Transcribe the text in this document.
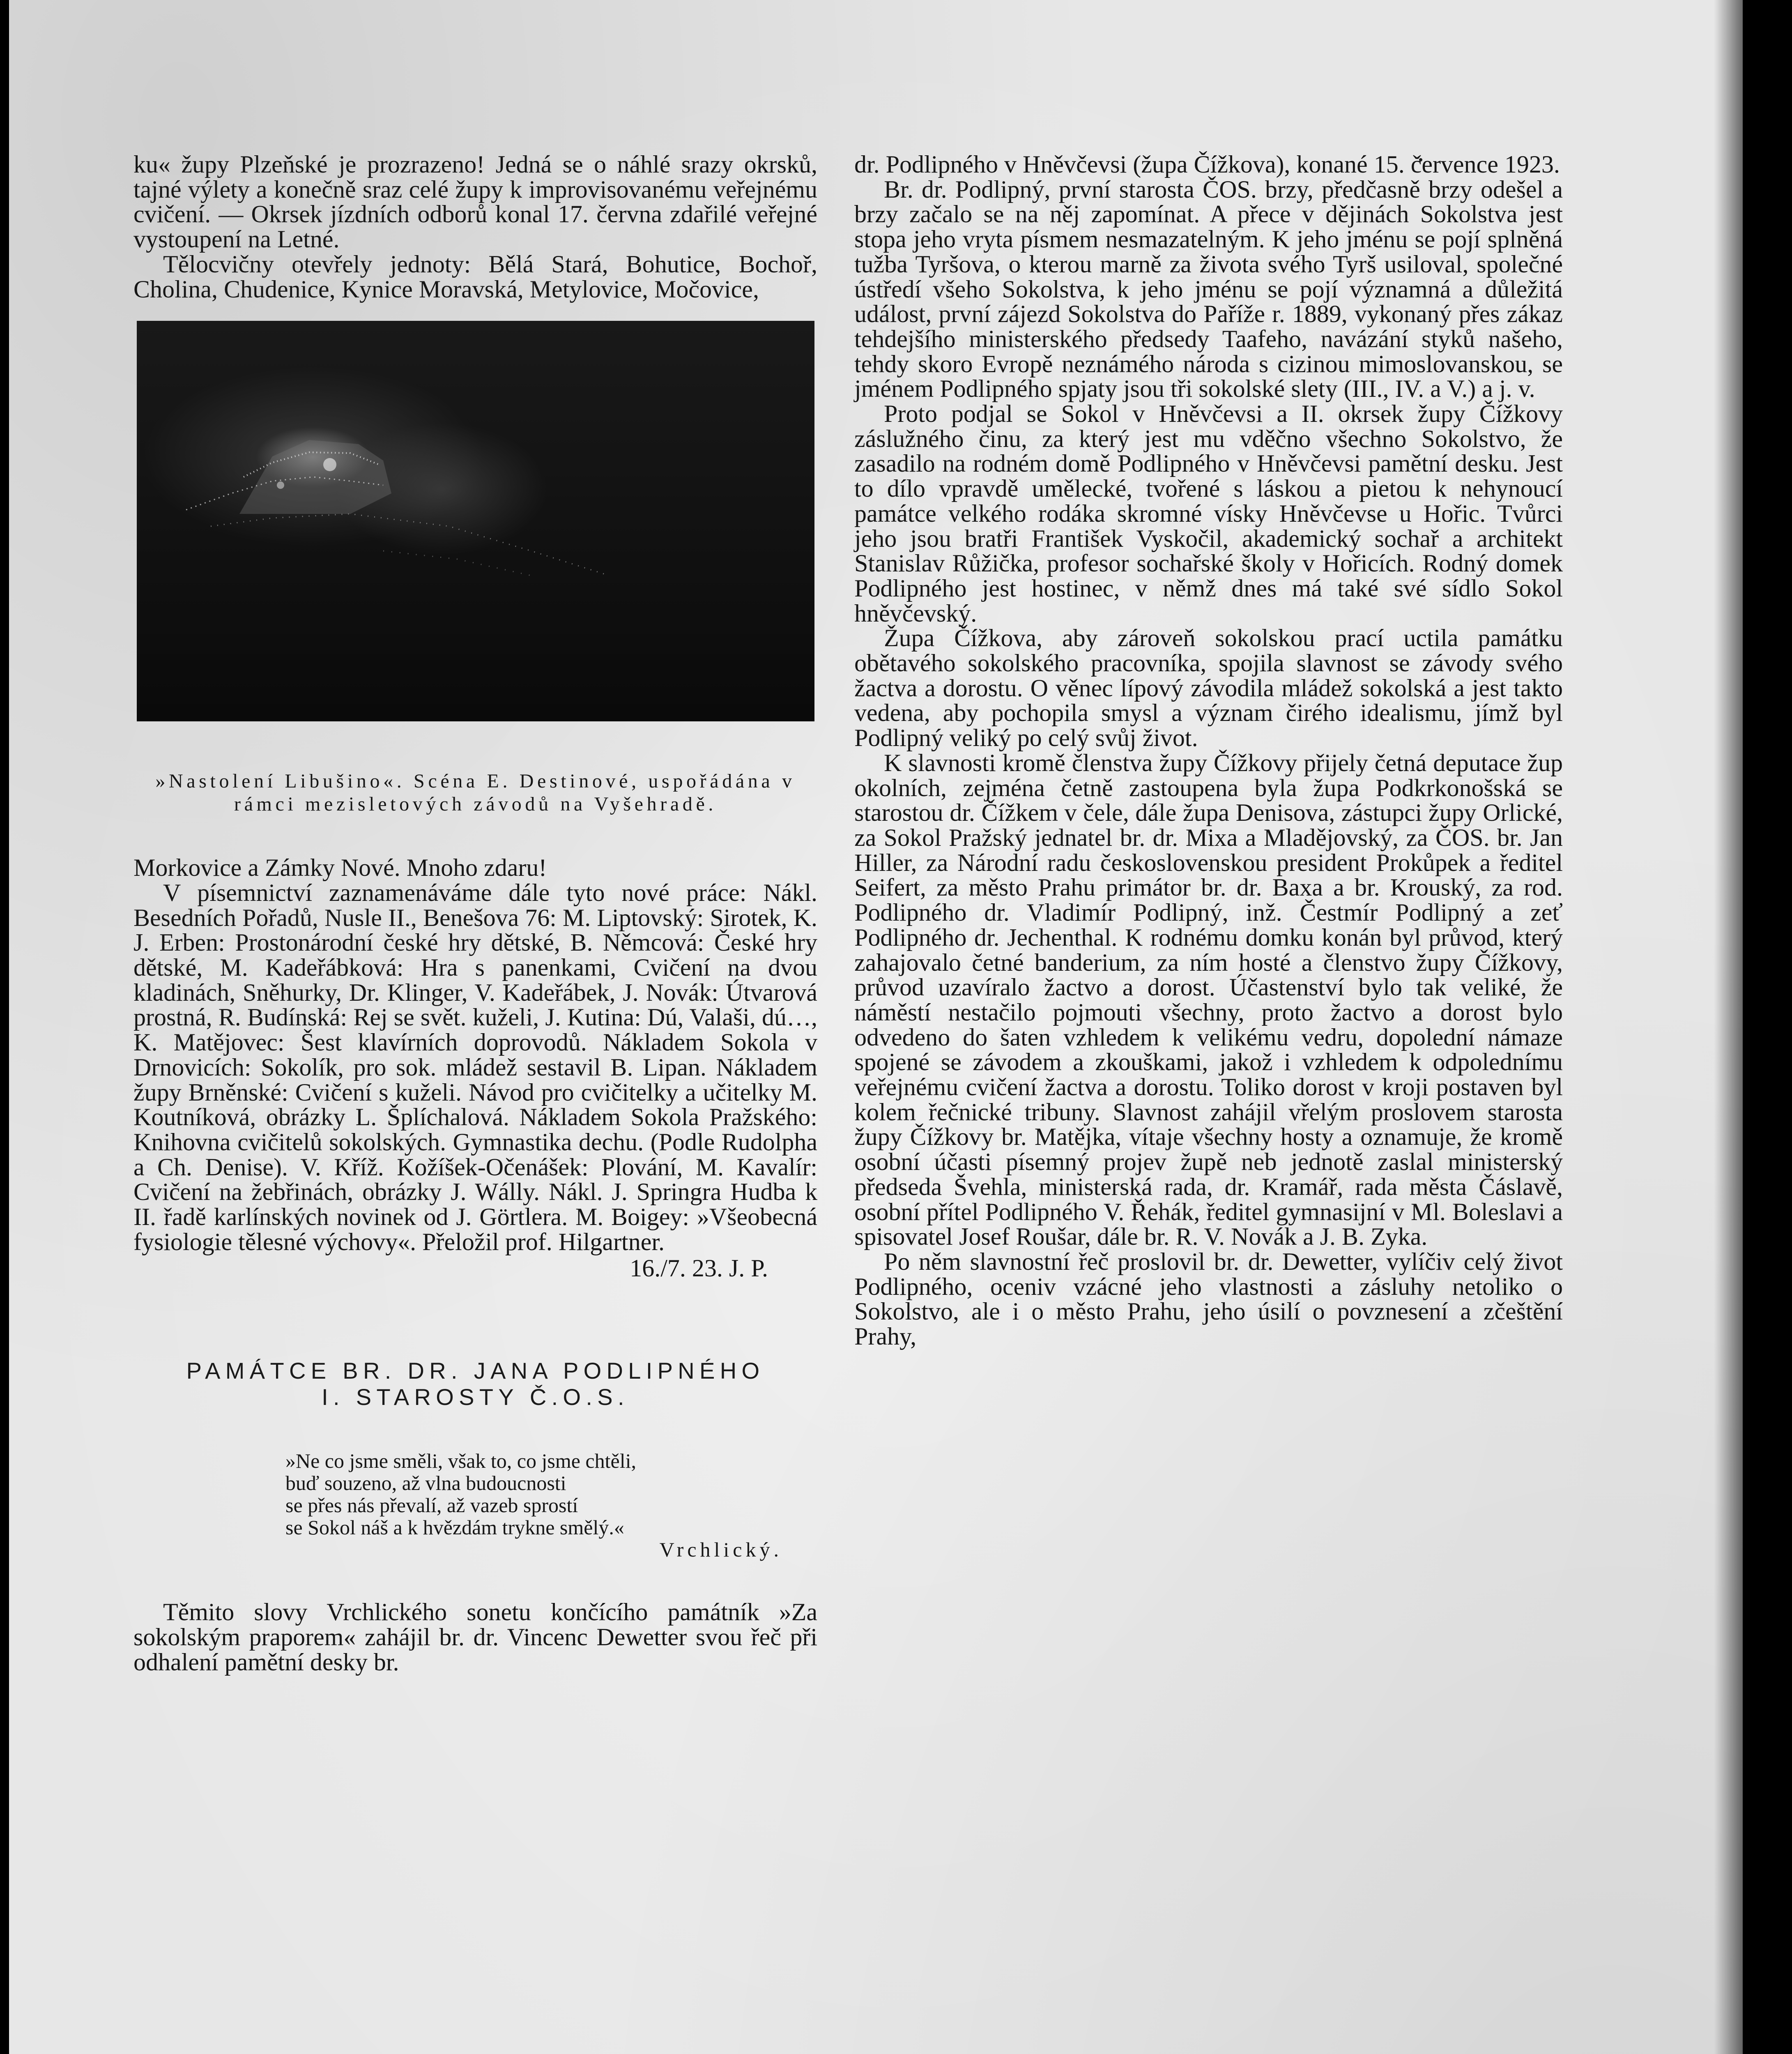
ku« župy Plzeňské je prozrazeno! Jedná se o náhlé srazy okrsků, tajné výlety a konečně sraz celé župy k improvisovanému veřejnému cvičení. — Okrsek jízdních odborů konal 17. června zdařilé veřejné vystoupení na Letné.

Tělocvičny otevřely jednoty: Bělá Stará, Bohutice, Bochoř, Cholina, Chudenice, Kynice Moravská, Metylovice, Močovice,

»Nastolení Libušino«. Scéna E. Destinové, uspořádána v rámci mezisletových závodů na Vyšehradě.

Morkovice a Zámky Nové. Mnoho zdaru!

V písemnictví zaznamenáváme dále tyto nové práce: Nákl. Besedních Pořadů, Nusle II., Benešova 76: M. Liptovský: Sirotek, K. J. Erben: Prostonárodní české hry dětské, B. Němcová: České hry dětské, M. Kadeřábková: Hra s panenkami, Cvičení na dvou kladinách, Sněhurky, Dr. Klinger, V. Kadeřábek, J. Novák: Útvarová prostná, R. Budínská: Rej se svět. kuželi, J. Kutina: Dú, Valaši, dú…, K. Matějovec: Šest klavírních doprovodů. Nákladem Sokola v Drnovicích: Sokolík, pro sok. mládež sestavil B. Lipan. Nákladem župy Brněnské: Cvičení s kuželi. Návod pro cvičitelky a učitelky M. Koutníková, obrázky L. Šplíchalová. Nákladem Sokola Pražského: Knihovna cvičitelů sokolských. Gymnastika dechu. (Podle Rudolpha a Ch. Denise). V. Kříž. Kožíšek-Očenášek: Plování, M. Kavalír: Cvičení na žebřinách, obrázky J. Wálly. Nákl. J. Springra Hudba k II. řadě karlínských novinek od J. Görtlera. M. Boigey: »Všeobecná fysiologie tělesné výchovy«. Přeložil prof. Hilgartner.

16./7. 23. J. P.

PAMÁTCE BR. DR. JANA PODLIPNÉHO
I. STAROSTY Č.O.S.
»Ne co jsme směli, však to, co jsme chtěli,
buď souzeno, až vlna budoucnosti
se přes nás převalí, až vazeb sprostí
se Sokol náš a k hvězdám trykne smělý.«
Vrchlický.

Těmito slovy Vrchlického sonetu končícího památník »Za sokolským praporem« zahájil br. dr. Vincenc Dewetter svou řeč při odhalení pamětní desky br.

dr. Podlipného v Hněvčevsi (župa Čížkova), konané 15. července 1923.

Br. dr. Podlipný, první starosta ČOS. brzy, předčasně brzy odešel a brzy začalo se na něj zapomínat. A přece v dějinách Sokolstva jest stopa jeho vryta písmem nesmazatelným. K jeho jménu se pojí splněná tužba Tyršova, o kterou marně za života svého Tyrš usiloval, společné ústředí všeho Sokolstva, k jeho jménu se pojí významná a důležitá událost, první zájezd Sokolstva do Paříže r. 1889, vykonaný přes zákaz tehdejšího ministerského předsedy Taafeho, navázání styků našeho, tehdy skoro Evropě neznámého národa s cizinou mimoslovanskou, se jménem Podlipného spjaty jsou tři sokolské slety (III., IV. a V.) a j. v.

Proto podjal se Sokol v Hněvčevsi a II. okrsek župy Čížkovy záslužného činu, za který jest mu vděčno všechno Sokolstvo, že zasadilo na rodném domě Podlipného v Hněvčevsi pamětní desku. Jest to dílo vpravdě umělecké, tvořené s láskou a pietou k nehynoucí památce velkého rodáka skromné vísky Hněvčevse u Hořic. Tvůrci jeho jsou bratři František Vyskočil, akademický sochař a architekt Stanislav Růžička, profesor sochařské školy v Hořicích. Rodný domek Podlipného jest hostinec, v němž dnes má také své sídlo Sokol hněvčevský.

Župa Čížkova, aby zároveň sokolskou prací uctila památku obětavého sokolského pracovníka, spojila slavnost se závody svého žactva a dorostu. O věnec lípový závodila mládež sokolská a jest takto vedena, aby pochopila smysl a význam čirého idealismu, jímž byl Podlipný veliký po celý svůj život.

K slavnosti kromě členstva župy Čížkovy přijely četná deputace žup okolních, zejména četně zastoupena byla župa Podkrkonošská se starostou dr. Čížkem v čele, dále župa Denisova, zástupci župy Orlické, za Sokol Pražský jednatel br. dr. Mixa a Mladějovský, za ČOS. br. Jan Hiller, za Národní radu československou president Prokůpek a ředitel Seifert, za město Prahu primátor br. dr. Baxa a br. Krouský, za rod. Podlipného dr. Vladimír Podlipný, inž. Čestmír Podlipný a zeť Podlipného dr. Jechenthal. K rodnému domku konán byl průvod, který zahajovalo četné banderium, za ním hosté a členstvo župy Čížkovy, průvod uzavíralo žactvo a dorost. Účastenství bylo tak veliké, že náměstí nestačilo pojmouti všechny, proto žactvo a dorost bylo odvedeno do šaten vzhledem k velikému vedru, dopolední námaze spojené se závodem a zkouškami, jakož i vzhledem k odpolednímu veřejnému cvičení žactva a dorostu. Toliko dorost v kroji postaven byl kolem řečnické tribuny. Slavnost zahájil vřelým proslovem starosta župy Čížkovy br. Matějka, vítaje všechny hosty a oznamuje, že kromě osobní účasti písemný projev župě neb jednotě zaslal ministerský předseda Švehla, ministerská rada, dr. Kramář, rada města Čáslavě, osobní přítel Podlipného V. Řehák, ředitel gymnasijní v Ml. Boleslavi a spisovatel Josef Roušar, dále br. R. V. Novák a J. B. Zyka.

Po něm slavnostní řeč proslovil br. dr. Dewetter, vylíčiv celý život Podlipného, oceniv vzácné jeho vlastnosti a zásluhy netoliko o Sokolstvo, ale i o město Prahu, jeho úsilí o povznesení a zčeštění Prahy,
